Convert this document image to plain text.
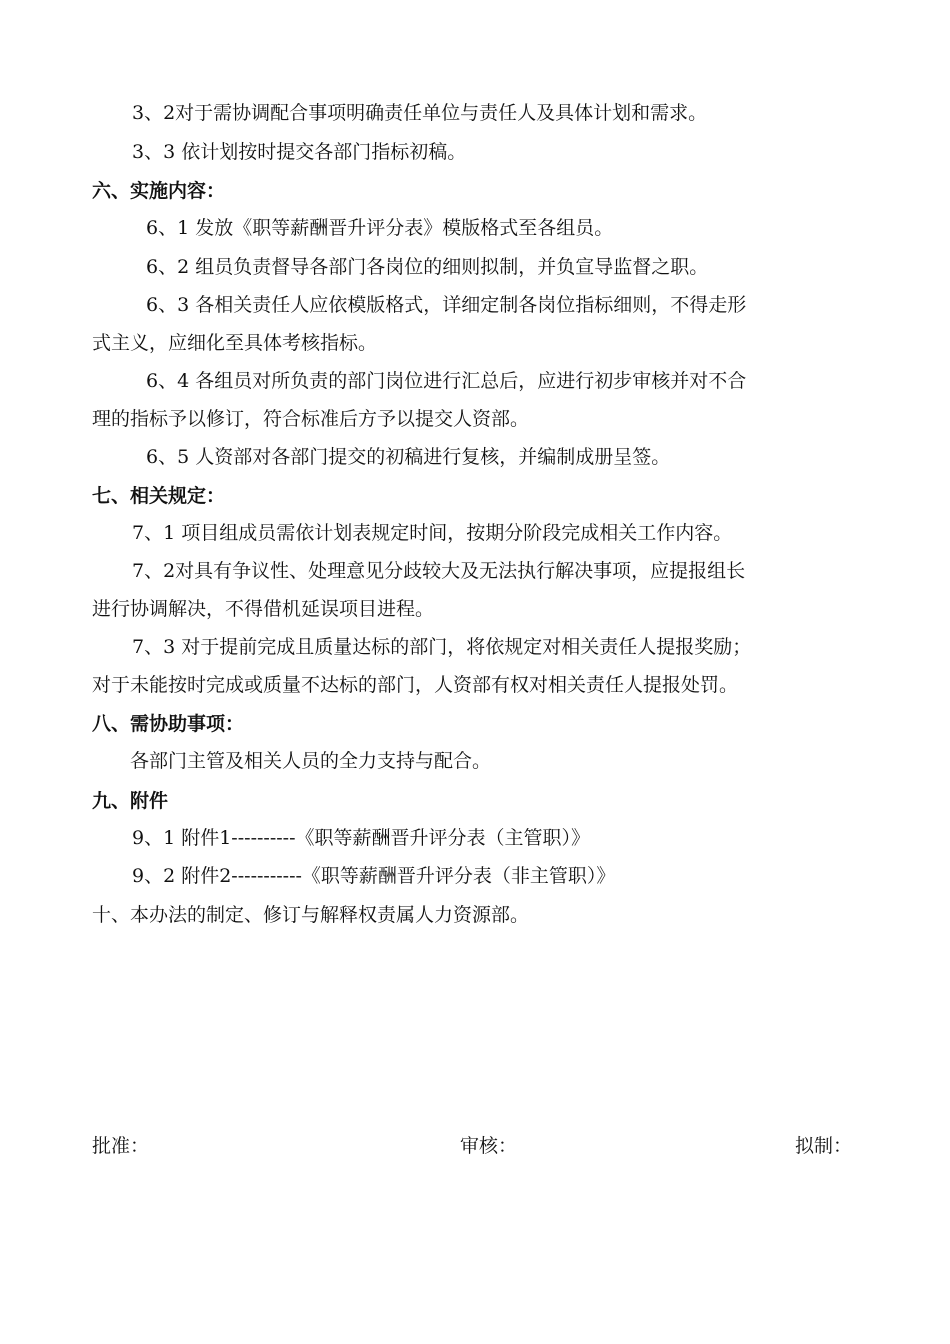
3、2对于需协调配合事项明确责任单位与责任人及具体计划和需求。
3、3 依计划按时提交各部门指标初稿。
六、实施内容：
6、1 发放《职等薪酬晋升评分表》模版格式至各组员。
6、2 组员负责督导各部门各岗位的细则拟制，并负宣导监督之职。
6、3 各相关责任人应依模版格式，详细定制各岗位指标细则，不得走形
式主义，应细化至具体考核指标。
6、4 各组员对所负责的部门岗位进行汇总后，应进行初步审核并对不合
理的指标予以修订，符合标准后方予以提交人资部。
6、5 人资部对各部门提交的初稿进行复核，并编制成册呈签。
七、相关规定：
7、1 项目组成员需依计划表规定时间，按期分阶段完成相关工作内容。
7、2对具有争议性、处理意见分歧较大及无法执行解决事项，应提报组长
进行协调解决，不得借机延误项目进程。
7、3 对于提前完成且质量达标的部门，将依规定对相关责任人提报奖励；
对于未能按时完成或质量不达标的部门，人资部有权对相关责任人提报处罚。
八、需协助事项：
各部门主管及相关人员的全力支持与配合。
九、附件
9、1 附件1----------《职等薪酬晋升评分表（主管职）》
9、2 附件2-----------《职等薪酬晋升评分表（非主管职）》
十、本办法的制定、修订与解释权责属人力资源部。
批准：	审核：	拟制：
